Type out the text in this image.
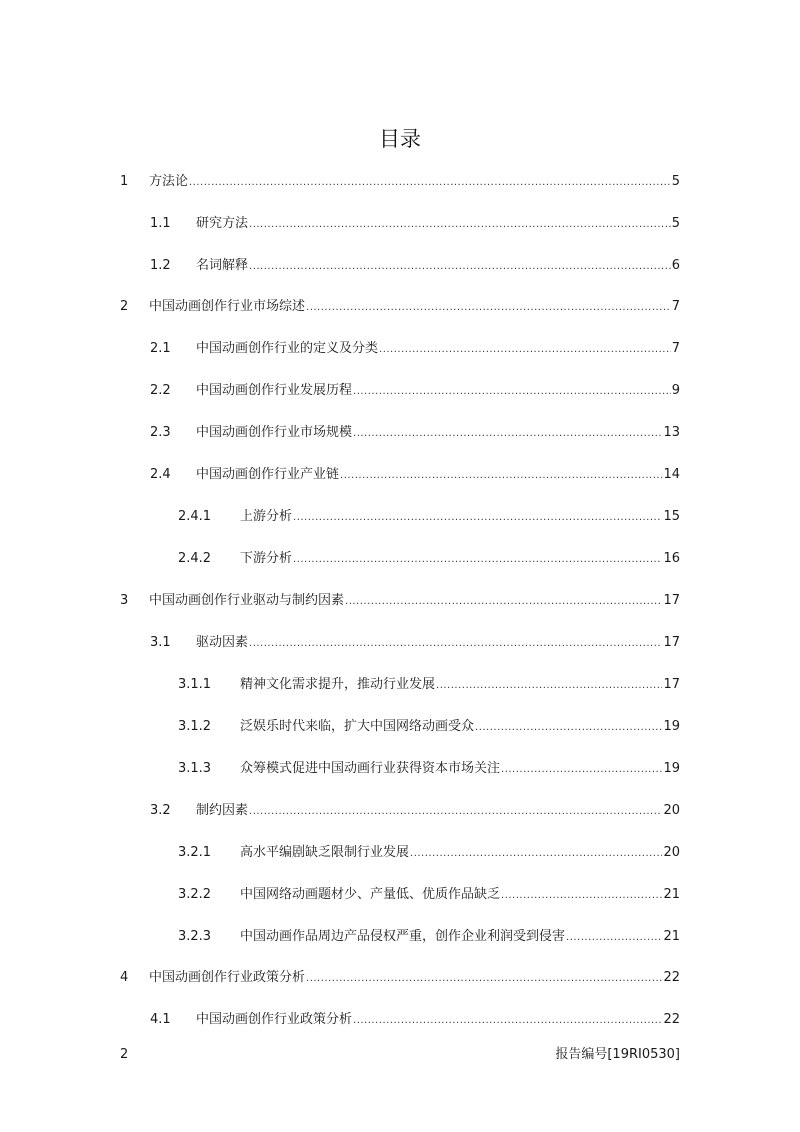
目录
1	方法论 .....	5
1.1	研究方法 .....	5
1.2	名词解释 .....	6
2	中国动画创作行业市场综述 .....	7
2.1	中国动画创作行业的定义及分类 .....	7
2.2	中国动画创作行业发展历程 .....	9
2.3	中国动画创作行业市场规模 .....	13
2.4	中国动画创作行业产业链 .....	14
2.4.1	上游分析 .....	15
2.4.2	下游分析 .....	16
3	中国动画创作行业驱动与制约因素 .....	17
3.1	驱动因素 .....	17
3.1.1	精神文化需求提升，推动行业发展 .....	17
3.1.2	泛娱乐时代来临，扩大中国网络动画受众 .....	19
3.1.3	众筹模式促进中国动画行业获得资本市场关注 .....	19
3.2	制约因素 .....	20
3.2.1	高水平编剧缺乏限制行业发展 .....	20
3.2.2	中国网络动画题材少、产量低、优质作品缺乏 .....	21
3.2.3	中国动画作品周边产品侵权严重，创作企业利润受到侵害 .....	21
4	中国动画创作行业政策分析 .....	22
4.1	中国动画创作行业政策分析 .....	22
2	报告编号[19RI0530]
